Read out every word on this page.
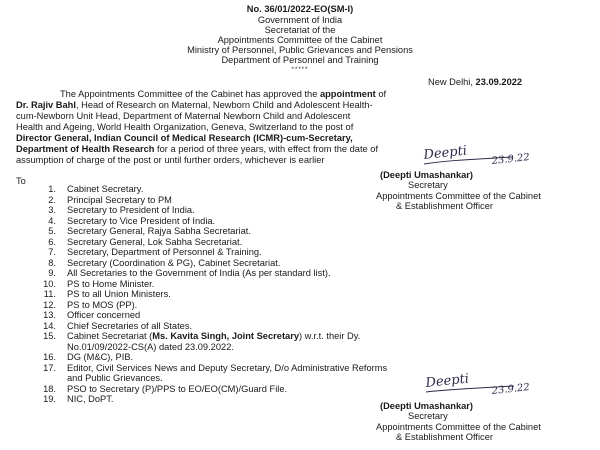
No. 36/01/2022-EO(SM-I)
Government of India
Secretariat of the
Appointments Committee of the Cabinet
Ministry of Personnel, Public Grievances and Pensions
Department of Personnel and Training
*****
New Delhi, 23.09.2022
The Appointments Committee of the Cabinet has approved the appointment of
Dr. Rajiv Bahl, Head of Research on Maternal, Newborn Child and Adolescent Health-
cum-Newborn Unit Head, Department of Maternal Newborn Child and Adolescent
Health and Ageing, World Health Organization, Geneva, Switzerland to the post of
Director General, Indian Council of Medical Research (ICMR)-cum-Secretary,
Department of Health Research for a period of three years, with effect from the date of
assumption of charge of the post or until further orders, whichever is earlier	Deepti 23.9.22
(Deepti Umashankar)
Secretary
Appointments Committee of the Cabinet
& Establishment Officer
To
1. Cabinet Secretary.
2. Principal Secretary to PM
3. Secretary to President of India.
4. Secretary to Vice President of India.
5. Secretary General, Rajya Sabha Secretariat.
6. Secretary General, Lok Sabha Secretariat.
7. Secretary, Department of Personnel & Training.
8. Secretary (Coordination & PG), Cabinet Secretariat.
9. All Secretaries to the Government of India (As per standard list).
10. PS to Home Minister.
11. PS to all Union Ministers.
12. PS to MOS (PP).
13. Officer concerned
14. Chief Secretaries of all States.
15. Cabinet Secretariat (Ms. Kavita Singh, Joint Secretary) w.r.t. their Dy.
No.01/09/2022-CS(A) dated 23.09.2022.
16. DG (M&C), PIB.
17. Editor, Civil Services News and Deputy Secretary, D/o Administrative Reforms
and Public Grievances.
18. PSO to Secretary (P)/PPS to EO/EO(CM)/Guard File.
19. NIC, DoPT.
Deepti 23.9.22
(Deepti Umashankar)
Secretary
Appointments Committee of the Cabinet
& Establishment Officer
